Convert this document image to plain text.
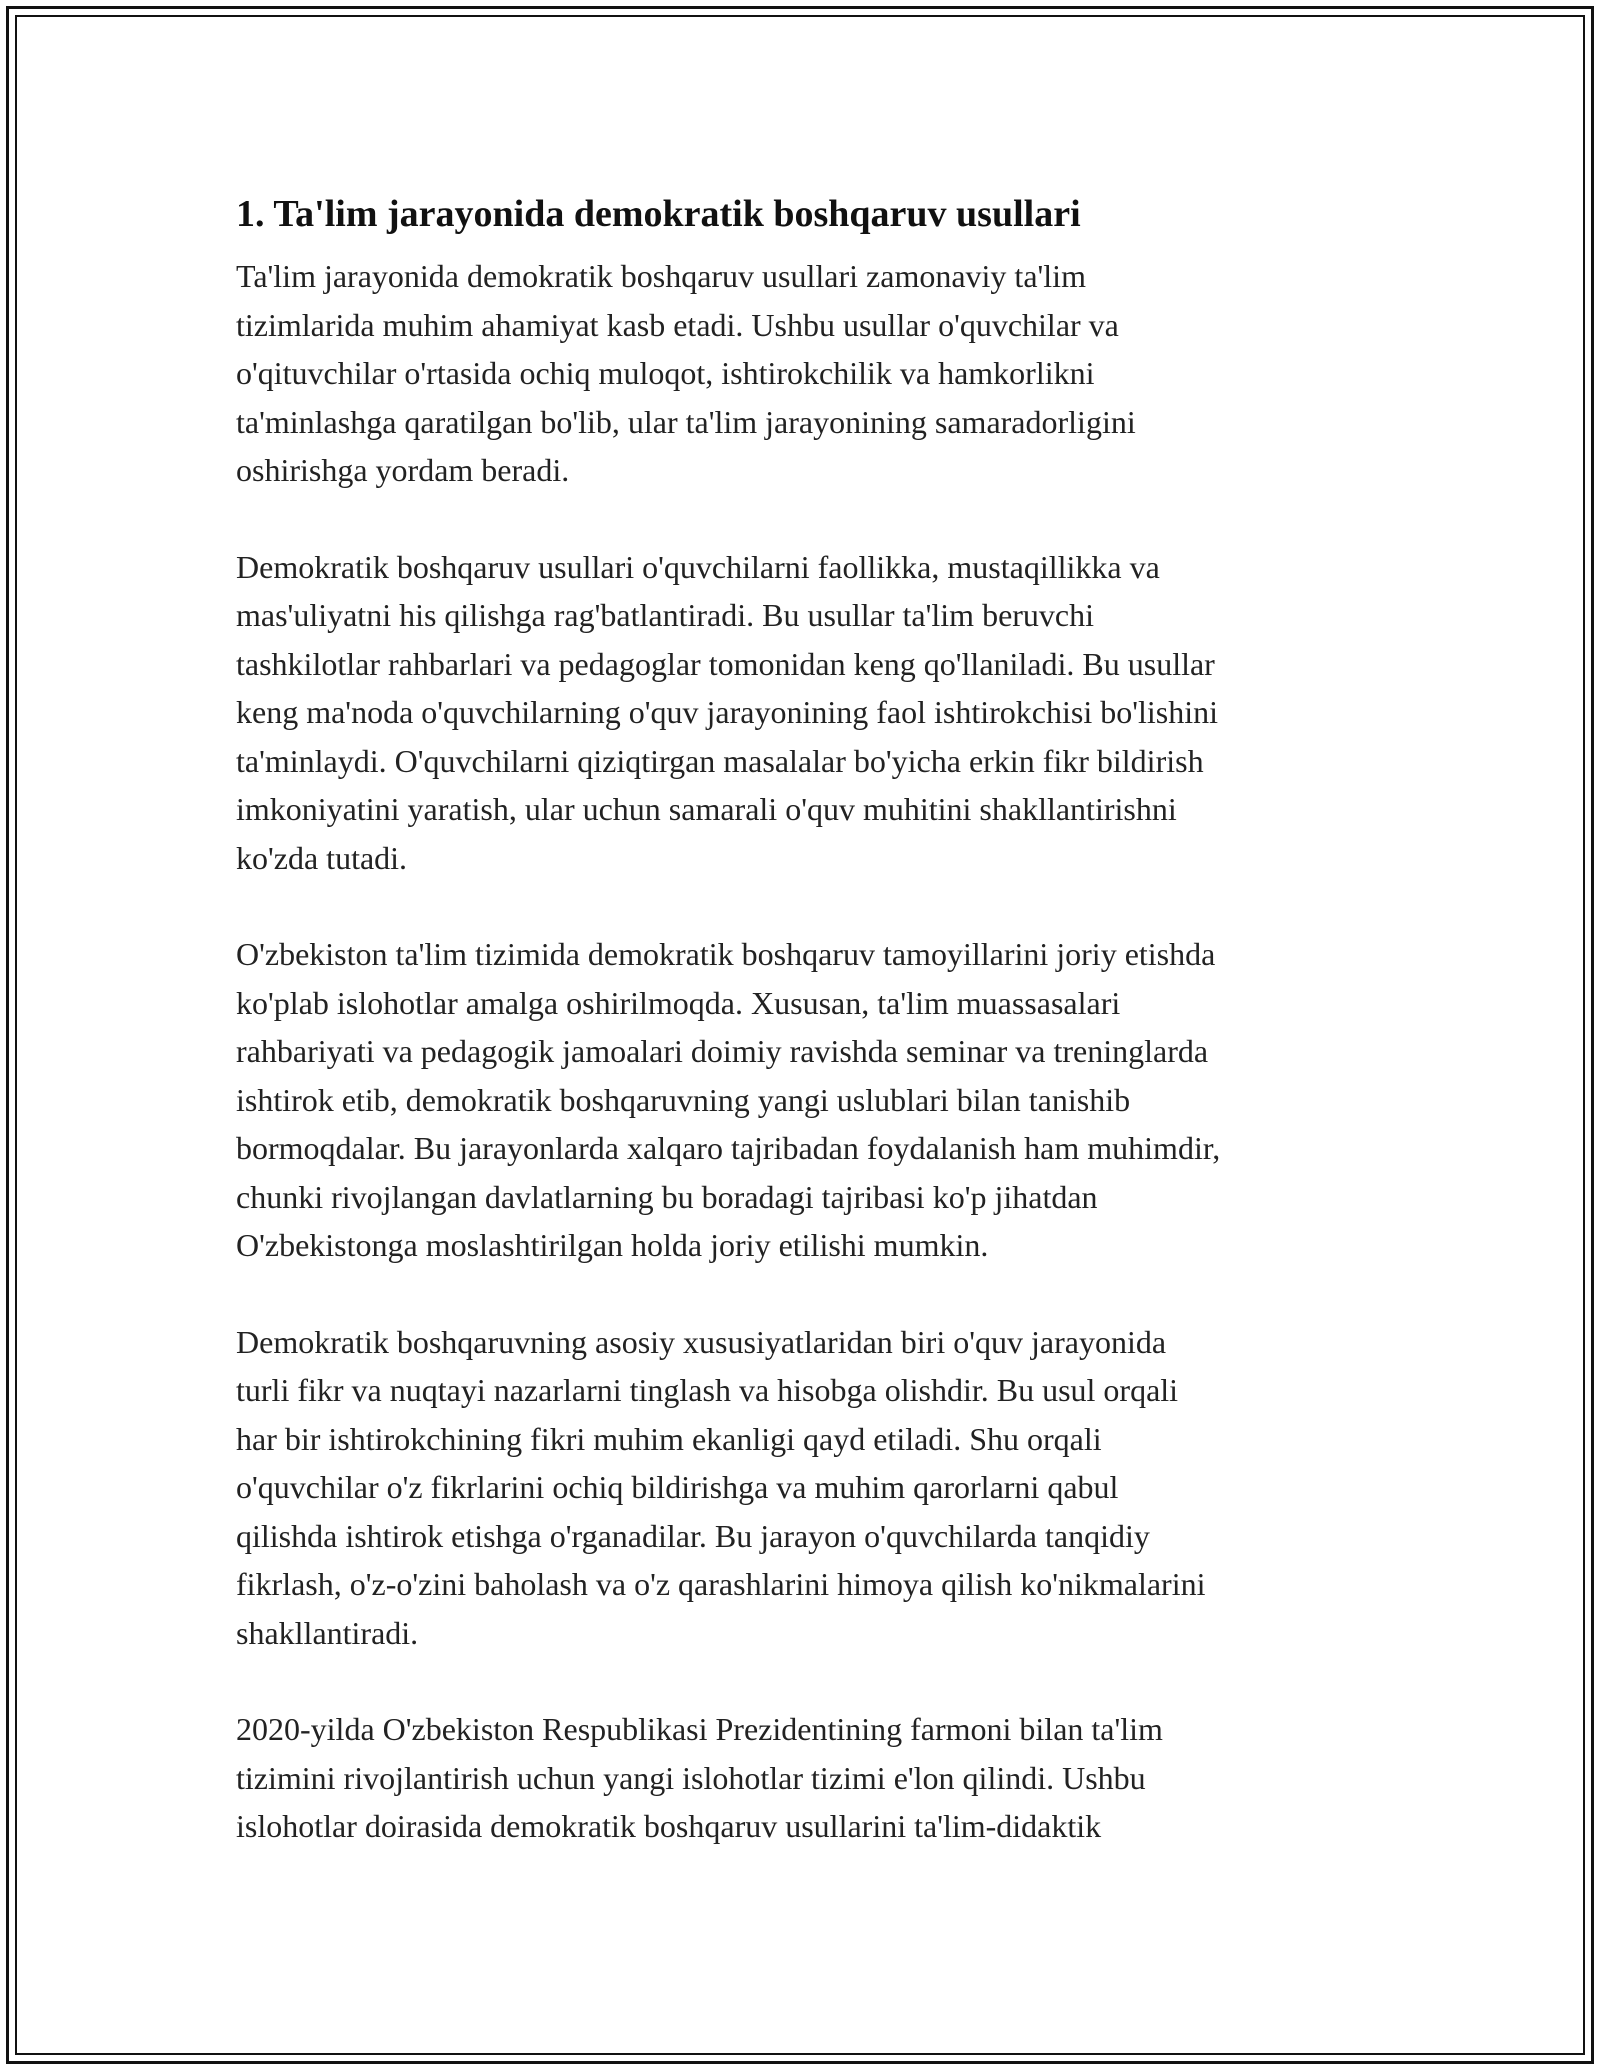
1. Ta'lim jarayonida demokratik boshqaruv usullari

Ta'lim jarayonida demokratik boshqaruv usullari zamonaviy ta'lim
tizimlarida muhim ahamiyat kasb etadi. Ushbu usullar o'quvchilar va
o'qituvchilar o'rtasida ochiq muloqot, ishtirokchilik va hamkorlikni
ta'minlashga qaratilgan bo'lib, ular ta'lim jarayonining samaradorligini
oshirishga yordam beradi.

Demokratik boshqaruv usullari o'quvchilarni faollikka, mustaqillikka va
mas'uliyatni his qilishga rag'batlantiradi. Bu usullar ta'lim beruvchi
tashkilotlar rahbarlari va pedagoglar tomonidan keng qo'llaniladi. Bu usullar
keng ma'noda o'quvchilarning o'quv jarayonining faol ishtirokchisi bo'lishini
ta'minlaydi. O'quvchilarni qiziqtirgan masalalar bo'yicha erkin fikr bildirish
imkoniyatini yaratish, ular uchun samarali o'quv muhitini shakllantirishni
ko'zda tutadi.

O'zbekiston ta'lim tizimida demokratik boshqaruv tamoyillarini joriy etishda
ko'plab islohotlar amalga oshirilmoqda. Xususan, ta'lim muassasalari
rahbariyati va pedagogik jamoalari doimiy ravishda seminar va treninglarda
ishtirok etib, demokratik boshqaruvning yangi uslublari bilan tanishib
bormoqdalar. Bu jarayonlarda xalqaro tajribadan foydalanish ham muhimdir,
chunki rivojlangan davlatlarning bu boradagi tajribasi ko'p jihatdan
O'zbekistonga moslashtirilgan holda joriy etilishi mumkin.

Demokratik boshqaruvning asosiy xususiyatlaridan biri o'quv jarayonida
turli fikr va nuqtayi nazarlarni tinglash va hisobga olishdir. Bu usul orqali
har bir ishtirokchining fikri muhim ekanligi qayd etiladi. Shu orqali
o'quvchilar o'z fikrlarini ochiq bildirishga va muhim qarorlarni qabul
qilishda ishtirok etishga o'rganadilar. Bu jarayon o'quvchilarda tanqidiy
fikrlash, o'z-o'zini baholash va o'z qarashlarini himoya qilish ko'nikmalarini
shakllantiradi.

2020-yilda O'zbekiston Respublikasi Prezidentining farmoni bilan ta'lim
tizimini rivojlantirish uchun yangi islohotlar tizimi e'lon qilindi. Ushbu
islohotlar doirasida demokratik boshqaruv usullarini ta'lim-didaktik
